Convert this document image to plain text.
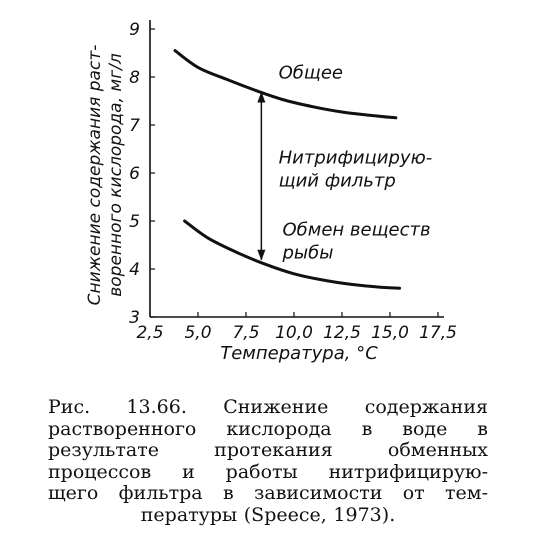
Снижение содержания раст- воренного кислорода, мг/л
3
4
5
6
7
8
9
2,5 5,0 7,5 10,0 12,5 15,0 17,5
Общее
Нитрифицирую-
щий фильтр
Обмен веществ
рыбы
Температура, °C
Рис. 13.66. Снижение содержания
растворенного кислорода в воде в
результате	протекания	обменных
процессов и работы нитрифицирую-
щего фильтра в зависимости от тем-
пературы (Speece, 1973).
